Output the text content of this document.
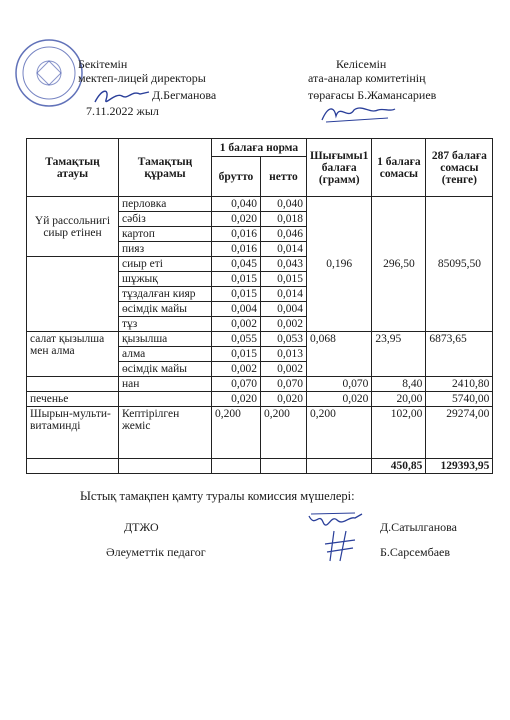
Бекітемін
мектеп-лицей директоры
Д.Бегманова
7.11.2022 жыл
Келісемін
ата-аналар комитетінің
төрағасы Б.Жамансариев
Тамақтың атауы	Тамақтың құрамы	1 балаға норма		Шығымы1 балаға (грамм)	1 балаға сомасы	287 балаға сомасы (тенге)
		брутто	нетто			
Үй рассольнигі сиыр етінен	перловка	0,040	0,040	0,196	296,50	85095,50
	сәбіз	0,020	0,018			
	картоп	0,016	0,046			
	пияз	0,016	0,014			
	сиыр еті	0,045	0,043			
	шұжық	0,015	0,015			
	тұздалған кияр	0,015	0,014			
	өсімдік майы	0,004	0,004			
	тұз	0,002	0,002			
салат қызылша мен алма	қызылша	0,055	0,053	0,068	23,95	6873,65
	алма	0,015	0,013			
	өсімдік майы	0,002	0,002			
	нан	0,070	0,070	0,070	8,40	2410,80
печенье		0,020	0,020	0,020	20,00	5740,00
Шырын-мульти-витаминді	Кептірілген жеміс	0,200	0,200	0,200	102,00	29274,00
					450,85	129393,95
Ыстық тамақпен қамту туралы комиссия мүшелері:
ДТЖО	Д.Сатылганова
Әлеуметтік педагог	Б.Сарсембаев
